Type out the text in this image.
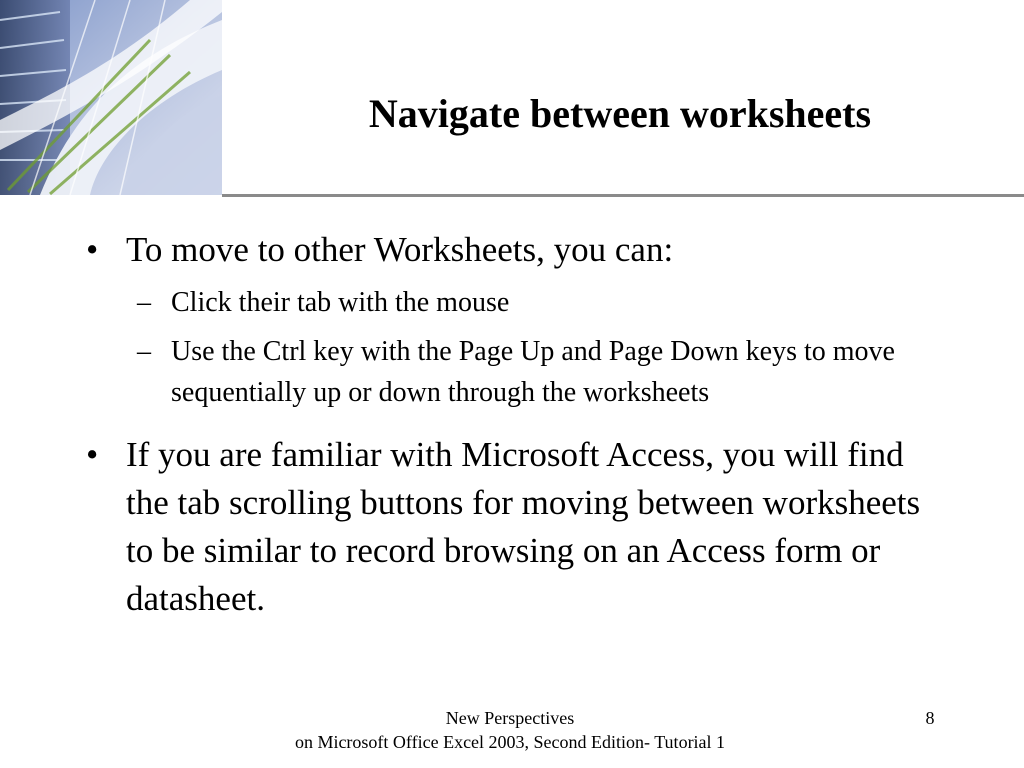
Navigate between worksheets
• To move to other Worksheets, you can:
– Click their tab with the mouse
– Use the Ctrl key with the Page Up and Page Down keys to move sequentially up or down through the worksheets
• If you are familiar with Microsoft Access, you will find the tab scrolling buttons for moving between worksheets to be similar to record browsing on an Access form or datasheet.
New Perspectives
on Microsoft Office Excel 2003, Second Edition- Tutorial 1
8
